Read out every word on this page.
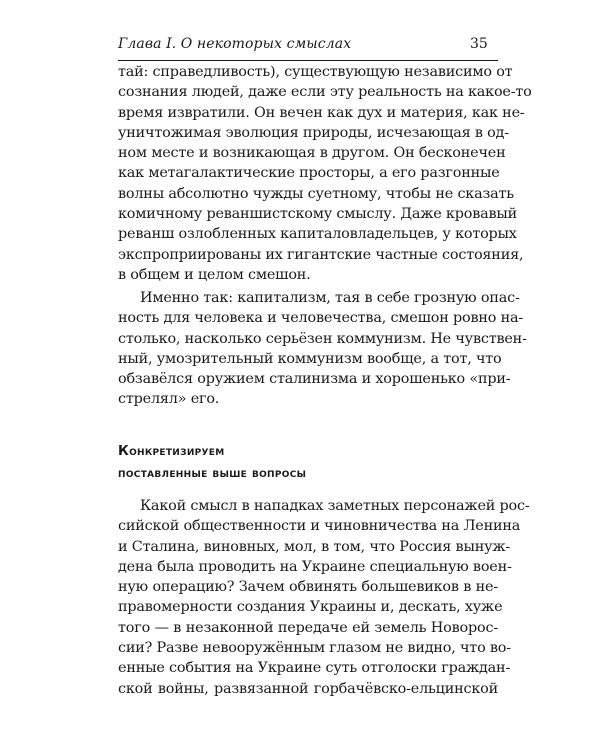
Глава I. О некоторых смыслах	35
тай: справедливость), существующую независимо от
сознания людей, даже если эту реальность на какое-то
время извратили. Он вечен как дух и материя, как не-
уничтожимая эволюция природы, исчезающая в од-
ном месте и возникающая в другом. Он бесконечен
как метагалактические просторы, а его разгонные
волны абсолютно чужды суетному, чтобы не сказать
комичному реваншистскому смыслу. Даже кровавый
реванш озлобленных капиталовладельцев, у которых
экспроприированы их гигантские частные состояния,
в общем и целом смешон.
Именно так: капитализм, тая в себе грозную опас-
ность для человека и человечества, смешон ровно на-
столько, насколько серьёзен коммунизм. Не чувствен-
ный, умозрительный коммунизм вообще, а тот, что
обзавёлся оружием сталинизма и хорошенько «при-
стрелял» его.
Конкретизируем
поставленные выше вопросы
Какой смысл в нападках заметных персонажей рос-
сийской общественности и чиновничества на Ленина
и Сталина, виновных, мол, в том, что Россия вынуж-
дена была проводить на Украине специальную воен-
ную операцию? Зачем обвинять большевиков в не-
правомерности создания Украины и, дескать, хуже
того — в незаконной передаче ей земель Новорос-
сии? Разве невооружённым глазом не видно, что во-
енные события на Украине суть отголоски граждан-
ской войны, развязанной горбачёвско-ельцинской
